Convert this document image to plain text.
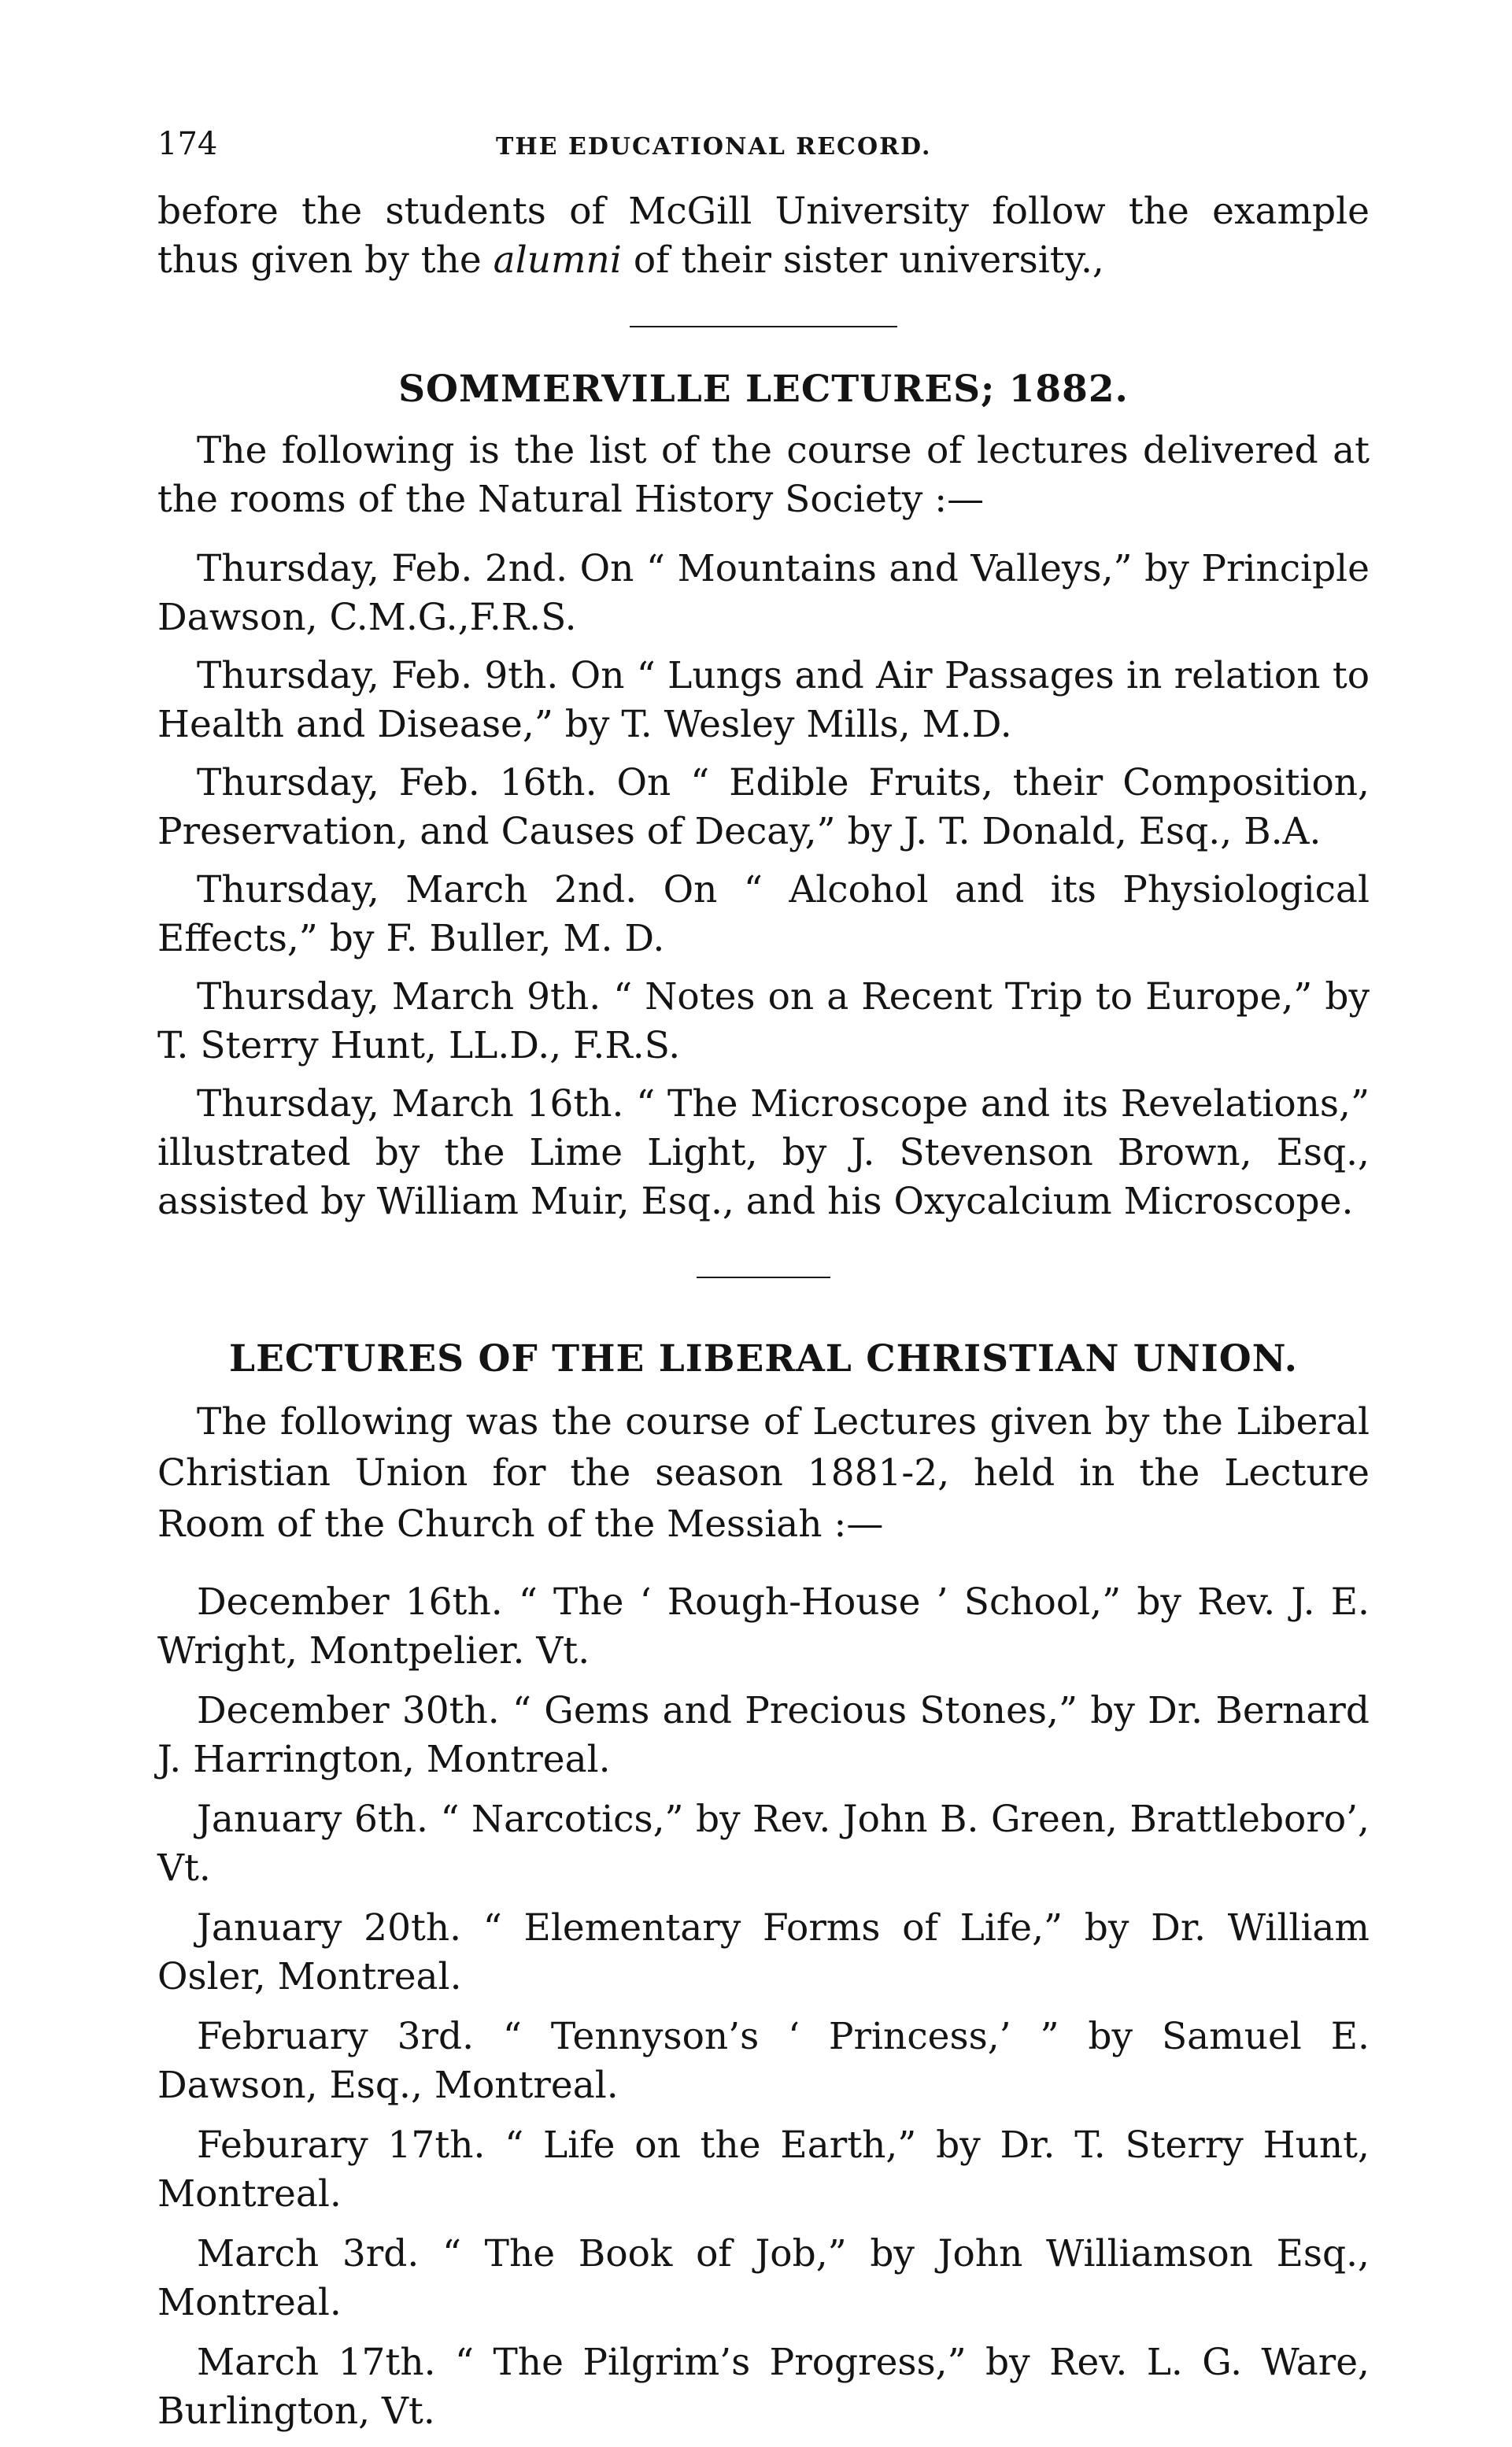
174	THE EDUCATIONAL RECORD.

before the students of McGill University follow the example thus given by the alumni of their sister university.,

SOMMERVILLE LECTURES; 1882.

The following is the list of the course of lectures delivered at the rooms of the Natural History Society :—

Thursday, Feb. 2nd. On “ Mountains and Valleys,” by Principle Dawson, C.M.G.,F.R.S.

Thursday, Feb. 9th. On “ Lungs and Air Passages in relation to Health and Disease,” by T. Wesley Mills, M.D.

Thursday, Feb. 16th. On “ Edible Fruits, their Composition, Preservation, and Causes of Decay,” by J. T. Donald, Esq., B.A.

Thursday, March 2nd. On “ Alcohol and its Physiological Effects,” by F. Buller, M. D.

Thursday, March 9th. “ Notes on a Recent Trip to Europe,” by T. Sterry Hunt, LL.D., F.R.S.

Thursday, March 16th. “ The Microscope and its Revelations,” illustrated by the Lime Light, by J. Stevenson Brown, Esq., assisted by William Muir, Esq., and his Oxycalcium Microscope.

LECTURES OF THE LIBERAL CHRISTIAN UNION.

The following was the course of Lectures given by the Liberal Christian Union for the season 1881-2, held in the Lecture Room of the Church of the Messiah :—

December 16th. “ The ‘ Rough-House ’ School,” by Rev. J. E. Wright, Montpelier. Vt.

December 30th. “ Gems and Precious Stones,” by Dr. Bernard J. Harrington, Montreal.

January 6th. “ Narcotics,” by Rev. John B. Green, Brattleboro’, Vt.

January 20th. “ Elementary Forms of Life,” by Dr. William Osler, Montreal.

February 3rd. “ Tennyson’s ‘ Princess,’ ” by Samuel E. Dawson, Esq., Montreal.

Feburary 17th. “ Life on the Earth,” by Dr. T. Sterry Hunt, Montreal.

March 3rd. “ The Book of Job,” by John Williamson Esq., Montreal.

March 17th. “ The Pilgrim’s Progress,” by Rev. L. G. Ware, Burlington, Vt.
